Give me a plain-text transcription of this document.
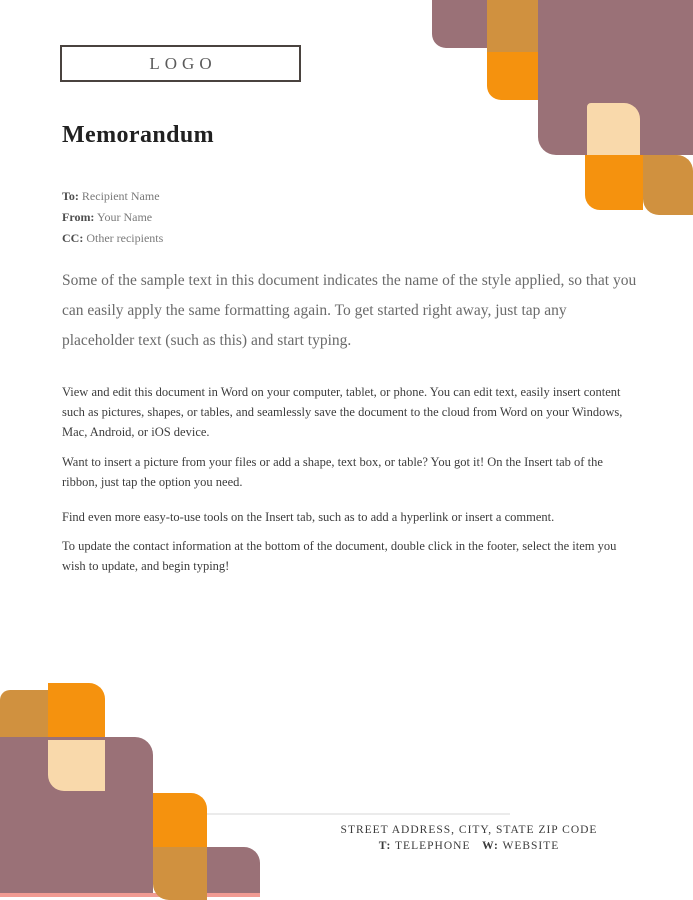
LOGO
Memorandum
To: Recipient Name
From: Your Name
CC: Other recipients

Some of the sample text in this document indicates the name of the style applied, so that you can easily apply the same formatting again. To get started right away, just tap any placeholder text (such as this) and start typing.

View and edit this document in Word on your computer, tablet, or phone. You can edit text, easily insert content such as pictures, shapes, or tables, and seamlessly save the document to the cloud from Word on your Windows, Mac, Android, or iOS device.

Want to insert a picture from your files or add a shape, text box, or table? You got it! On the Insert tab of the ribbon, just tap the option you need.

Find even more easy-to-use tools on the Insert tab, such as to add a hyperlink or insert a comment.

To update the contact information at the bottom of the document, double click in the footer, select the item you wish to update, and begin typing!

STREET ADDRESS, CITY, STATE ZIP CODE
T: TELEPHONE W: WEBSITE
